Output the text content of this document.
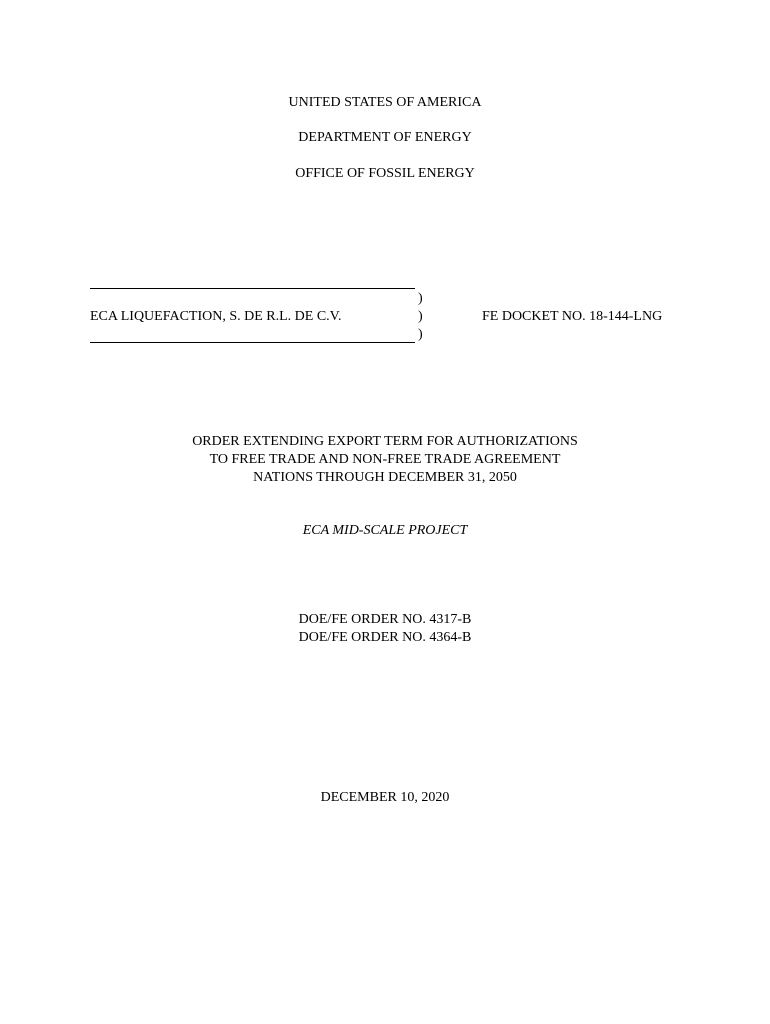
UNITED STATES OF AMERICA
DEPARTMENT OF ENERGY
OFFICE OF FOSSIL ENERGY
)
ECA LIQUEFACTION, S. DE R.L. DE C.V.	)	FE DOCKET NO. 18-144-LNG
)
ORDER EXTENDING EXPORT TERM FOR AUTHORIZATIONS
TO FREE TRADE AND NON-FREE TRADE AGREEMENT
NATIONS THROUGH DECEMBER 31, 2050
ECA MID-SCALE PROJECT
DOE/FE ORDER NO. 4317-B
DOE/FE ORDER NO. 4364-B
DECEMBER 10, 2020
